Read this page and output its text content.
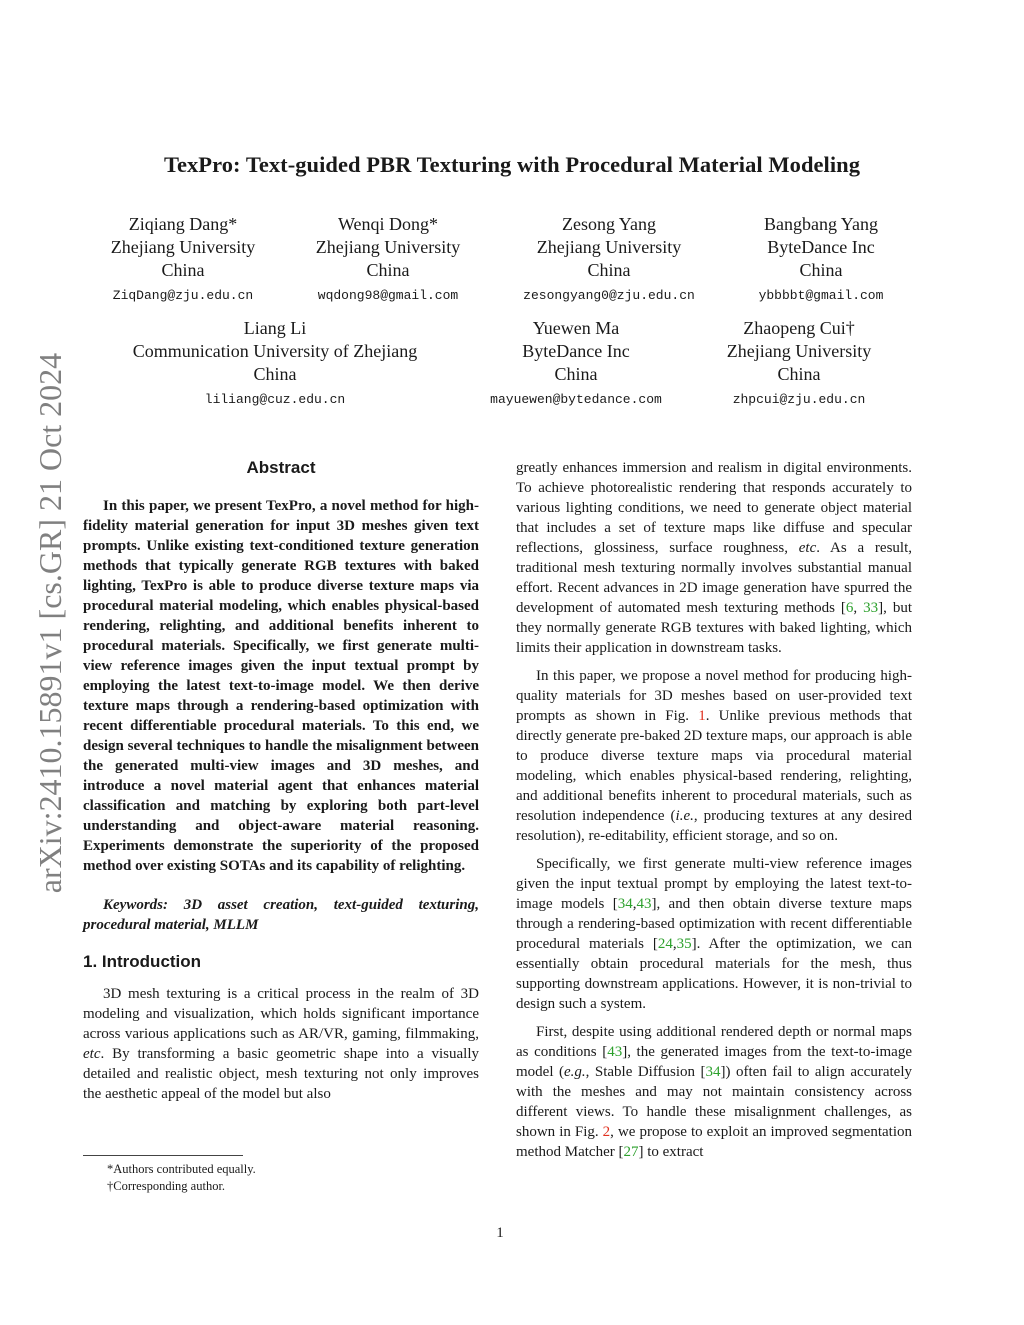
arXiv:2410.15891v1 [cs.GR] 21 Oct 2024
TexPro: Text-guided PBR Texturing with Procedural Material Modeling
Ziqiang Dang*
Zhejiang University
China
ZiqDang@zju.edu.cn
Wenqi Dong*
Zhejiang University
China
wqdong98@gmail.com
Zesong Yang
Zhejiang University
China
zesongyang0@zju.edu.cn
Bangbang Yang
ByteDance Inc
China
ybbbbt@gmail.com
Liang Li
Communication University of Zhejiang
China
liliang@cuz.edu.cn
Yuewen Ma
ByteDance Inc
China
mayuewen@bytedance.com
Zhaopeng Cui†
Zhejiang University
China
zhpcui@zju.edu.cn
Abstract

In this paper, we present TexPro, a novel method for high-fidelity material generation for input 3D meshes given text prompts. Unlike existing text-conditioned texture generation methods that typically generate RGB textures with baked lighting, TexPro is able to produce diverse texture maps via procedural material modeling, which enables physical-based rendering, relighting, and additional benefits inherent to procedural materials. Specifically, we first generate multi-view reference images given the input textual prompt by employing the latest text-to-image model. We then derive texture maps through a rendering-based optimization with recent differentiable procedural materials. To this end, we design several techniques to handle the misalignment between the generated multi-view images and 3D meshes, and introduce a novel material agent that enhances material classification and matching by exploring both part-level understanding and object-aware material reasoning. Experiments demonstrate the superiority of the proposed method over existing SOTAs and its capability of relighting.

Keywords: 3D asset creation, text-guided texturing, procedural material, MLLM

1. Introduction

3D mesh texturing is a critical process in the realm of 3D modeling and visualization, which holds significant importance across various applications such as AR/VR, gaming, filmmaking, etc. By transforming a basic geometric shape into a visually detailed and realistic object, mesh texturing not only improves the aesthetic appeal of the model but also

*Authors contributed equally.
†Corresponding author.

greatly enhances immersion and realism in digital environments. To achieve photorealistic rendering that responds accurately to various lighting conditions, we need to generate object material that includes a set of texture maps like diffuse and specular reflections, glossiness, surface roughness, etc. As a result, traditional mesh texturing normally involves substantial manual effort. Recent advances in 2D image generation have spurred the development of automated mesh texturing methods [6, 33], but they normally generate RGB textures with baked lighting, which limits their application in downstream tasks.

In this paper, we propose a novel method for producing high-quality materials for 3D meshes based on user-provided text prompts as shown in Fig. 1. Unlike previous methods that directly generate pre-baked 2D texture maps, our approach is able to produce diverse texture maps via procedural material modeling, which enables physical-based rendering, relighting, and additional benefits inherent to procedural materials, such as resolution independence (i.e., producing textures at any desired resolution), re-editability, efficient storage, and so on.

Specifically, we first generate multi-view reference images given the input textual prompt by employing the latest text-to-image models [34,43], and then obtain diverse texture maps through a rendering-based optimization with recent differentiable procedural materials [24,35]. After the optimization, we can essentially obtain procedural materials for the mesh, thus supporting downstream applications. However, it is non-trivial to design such a system.

First, despite using additional rendered depth or normal maps as conditions [43], the generated images from the text-to-image model (e.g., Stable Diffusion [34]) often fail to align accurately with the meshes and may not maintain consistency across different views. To handle these misalignment challenges, as shown in Fig. 2, we propose to exploit an improved segmentation method Matcher [27] to extract

1
